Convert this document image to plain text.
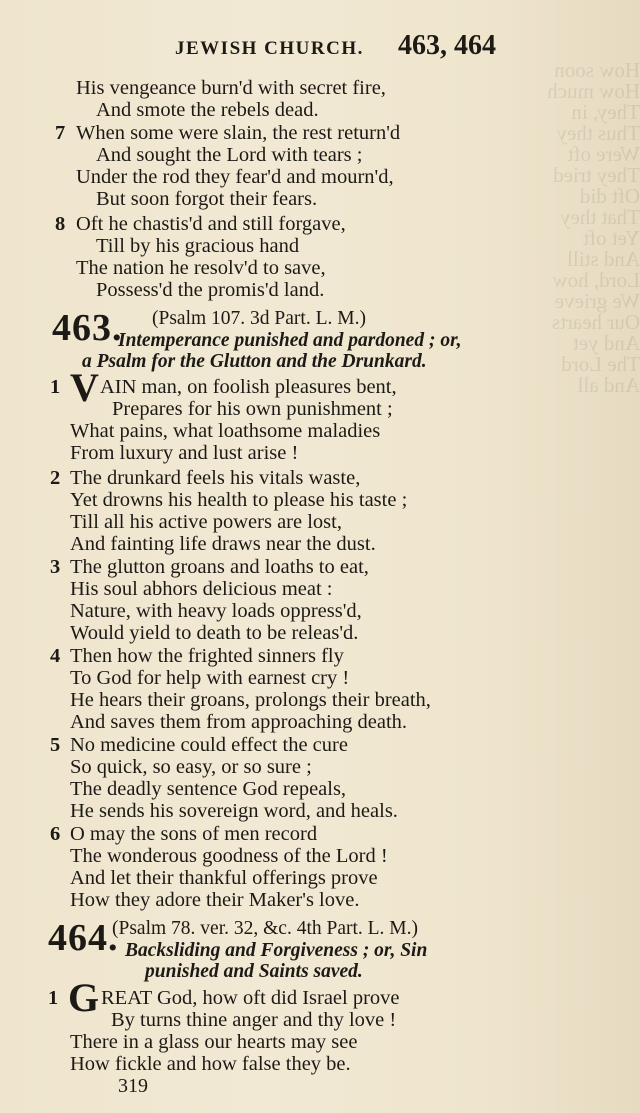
How soon
How much
They, in
Thus they
Were oft
They tried
Oft did
That they
Yet oft
And still
Lord, how
We grieve
Our hearts
And yet
The Lord
And all
JEWISH CHURCH. 463, 464
His vengeance burn'd with secret fire,
And smote the rebels dead.
7 When some were slain, the rest return'd
And sought the Lord with tears ;
Under the rod they fear'd and mourn'd,
But soon forgot their fears.
8 Oft he chastis'd and still forgave,
Till by his gracious hand
The nation he resolv'd to save,
Possess'd the promis'd land.
463. (Psalm 107. 3d Part. L. M.)
Intemperance punished and pardoned ; or,
a Psalm for the Glutton and the Drunkard.
1 V AIN man, on foolish pleasures bent,
Prepares for his own punishment ;
What pains, what loathsome maladies
From luxury and lust arise !
2 The drunkard feels his vitals waste,
Yet drowns his health to please his taste ;
Till all his active powers are lost,
And fainting life draws near the dust.
3 The glutton groans and loaths to eat,
His soul abhors delicious meat :
Nature, with heavy loads oppress'd,
Would yield to death to be releas'd.
4 Then how the frighted sinners fly
To God for help with earnest cry !
He hears their groans, prolongs their breath,
And saves them from approaching death.
5 No medicine could effect the cure
So quick, so easy, or so sure ;
The deadly sentence God repeals,
He sends his sovereign word, and heals.
6 O may the sons of men record
The wonderous goodness of the Lord !
And let their thankful offerings prove
How they adore their Maker's love.
464.
(Psalm 78. ver. 32, &c. 4th Part. L. M.)
Backsliding and Forgiveness ; or, Sin
punished and Saints saved.
1 G REAT God, how oft did Israel prove
By turns thine anger and thy love !
There in a glass our hearts may see
How fickle and how false they be.
319
